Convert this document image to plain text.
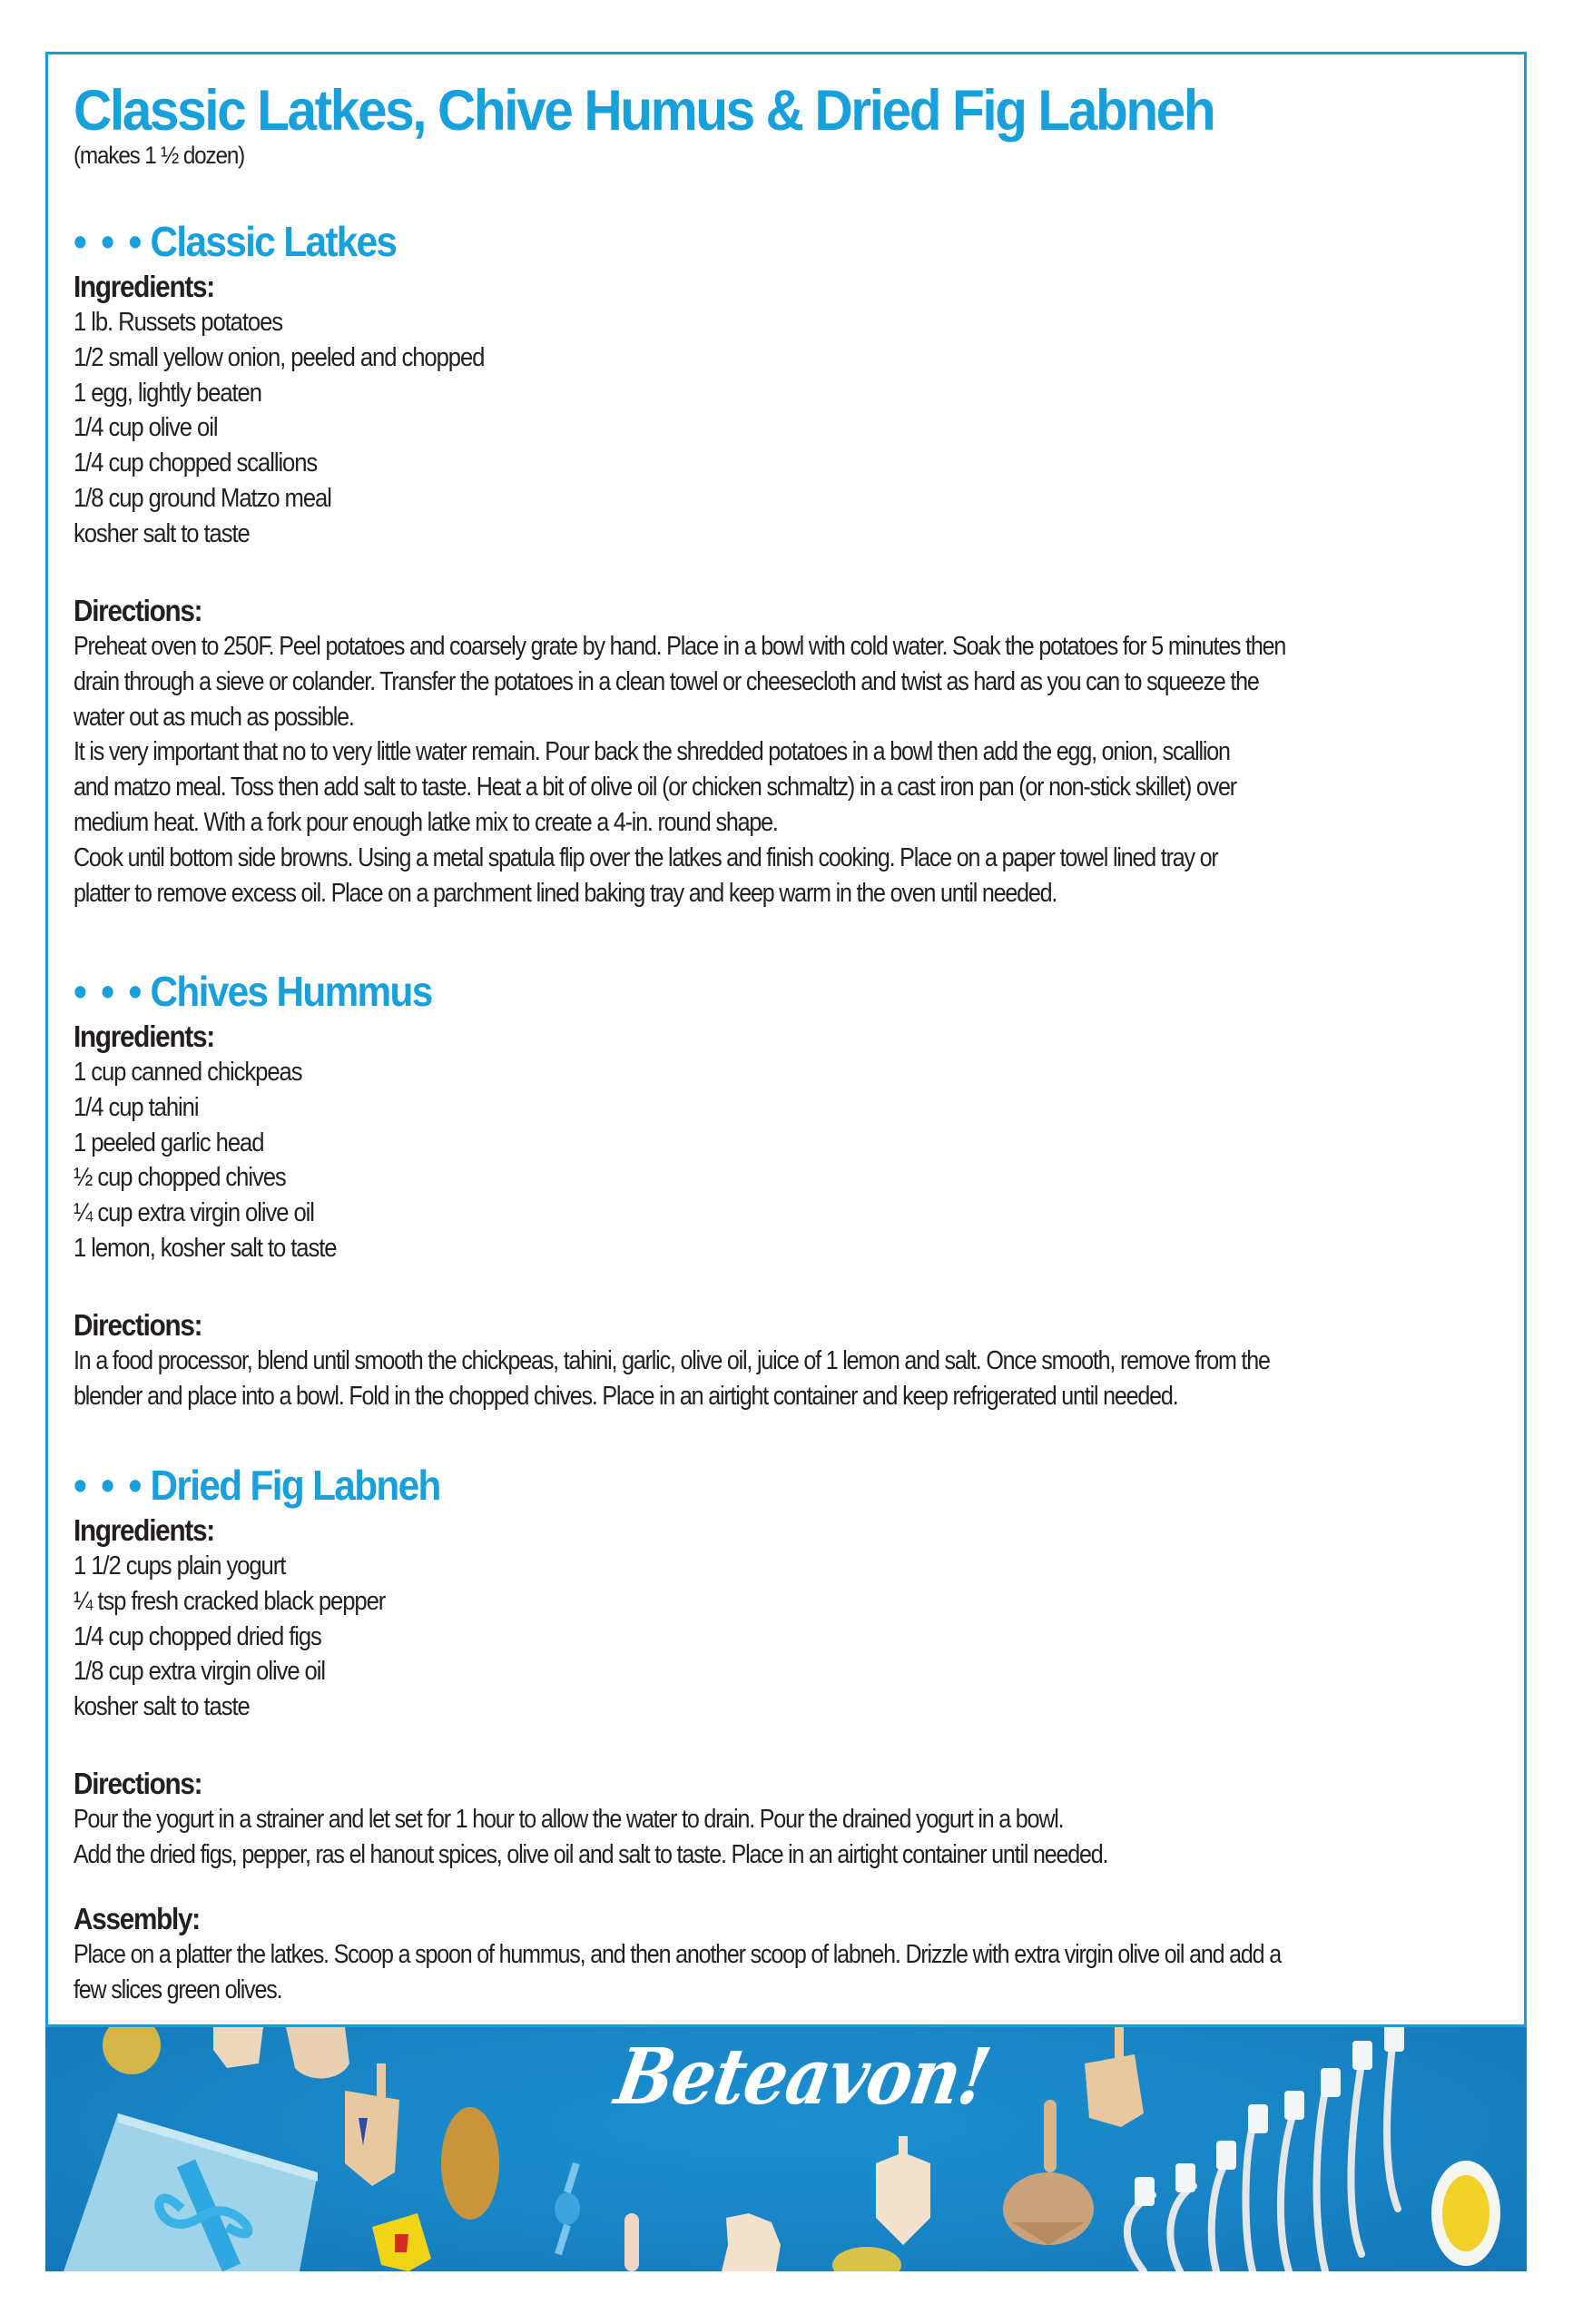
Classic Latkes, Chive Humus & Dried Fig Labneh
(makes 1 ½ dozen)
• • • Classic Latkes
Ingredients:
1 lb. Russets potatoes
1/2 small yellow onion, peeled and chopped
1 egg, lightly beaten
1/4 cup olive oil
1/4 cup chopped scallions
1/8 cup ground Matzo meal
kosher salt to taste
Directions:

Preheat oven to 250F. Peel potatoes and coarsely grate by hand. Place in a bowl with cold water. Soak the potatoes for 5 minutes then

drain through a sieve or colander. Transfer the potatoes in a clean towel or cheesecloth and twist as hard as you can to squeeze the

water out as much as possible.

It is very important that no to very little water remain. Pour back the shredded potatoes in a bowl then add the egg, onion, scallion

and matzo meal. Toss then add salt to taste. Heat a bit of olive oil (or chicken schmaltz) in a cast iron pan (or non-stick skillet) over

medium heat. With a fork pour enough latke mix to create a 4-in. round shape.

Cook until bottom side browns. Using a metal spatula flip over the latkes and finish cooking. Place on a paper towel lined tray or

platter to remove excess oil. Place on a parchment lined baking tray and keep warm in the oven until needed.

• • • Chives Hummus
Ingredients:
1 cup canned chickpeas
1/4 cup tahini
1 peeled garlic head
½ cup chopped chives
¼ cup extra virgin olive oil
1 lemon, kosher salt to taste
Directions:

In a food processor, blend until smooth the chickpeas, tahini, garlic, olive oil, juice of 1 lemon and salt. Once smooth, remove from the

blender and place into a bowl. Fold in the chopped chives. Place in an airtight container and keep refrigerated until needed.

• • • Dried Fig Labneh
Ingredients:
1 1/2 cups plain yogurt
¼ tsp fresh cracked black pepper
1/4 cup chopped dried figs
1/8 cup extra virgin olive oil
kosher salt to taste
Directions:

Pour the yogurt in a strainer and let set for 1 hour to allow the water to drain. Pour the drained yogurt in a bowl.

Add the dried figs, pepper, ras el hanout spices, olive oil and salt to taste. Place in an airtight container until needed.

Assembly:

Place on a platter the latkes. Scoop a spoon of hummus, and then another scoop of labneh. Drizzle with extra virgin olive oil and add a

few slices green olives.

Beteavon!
